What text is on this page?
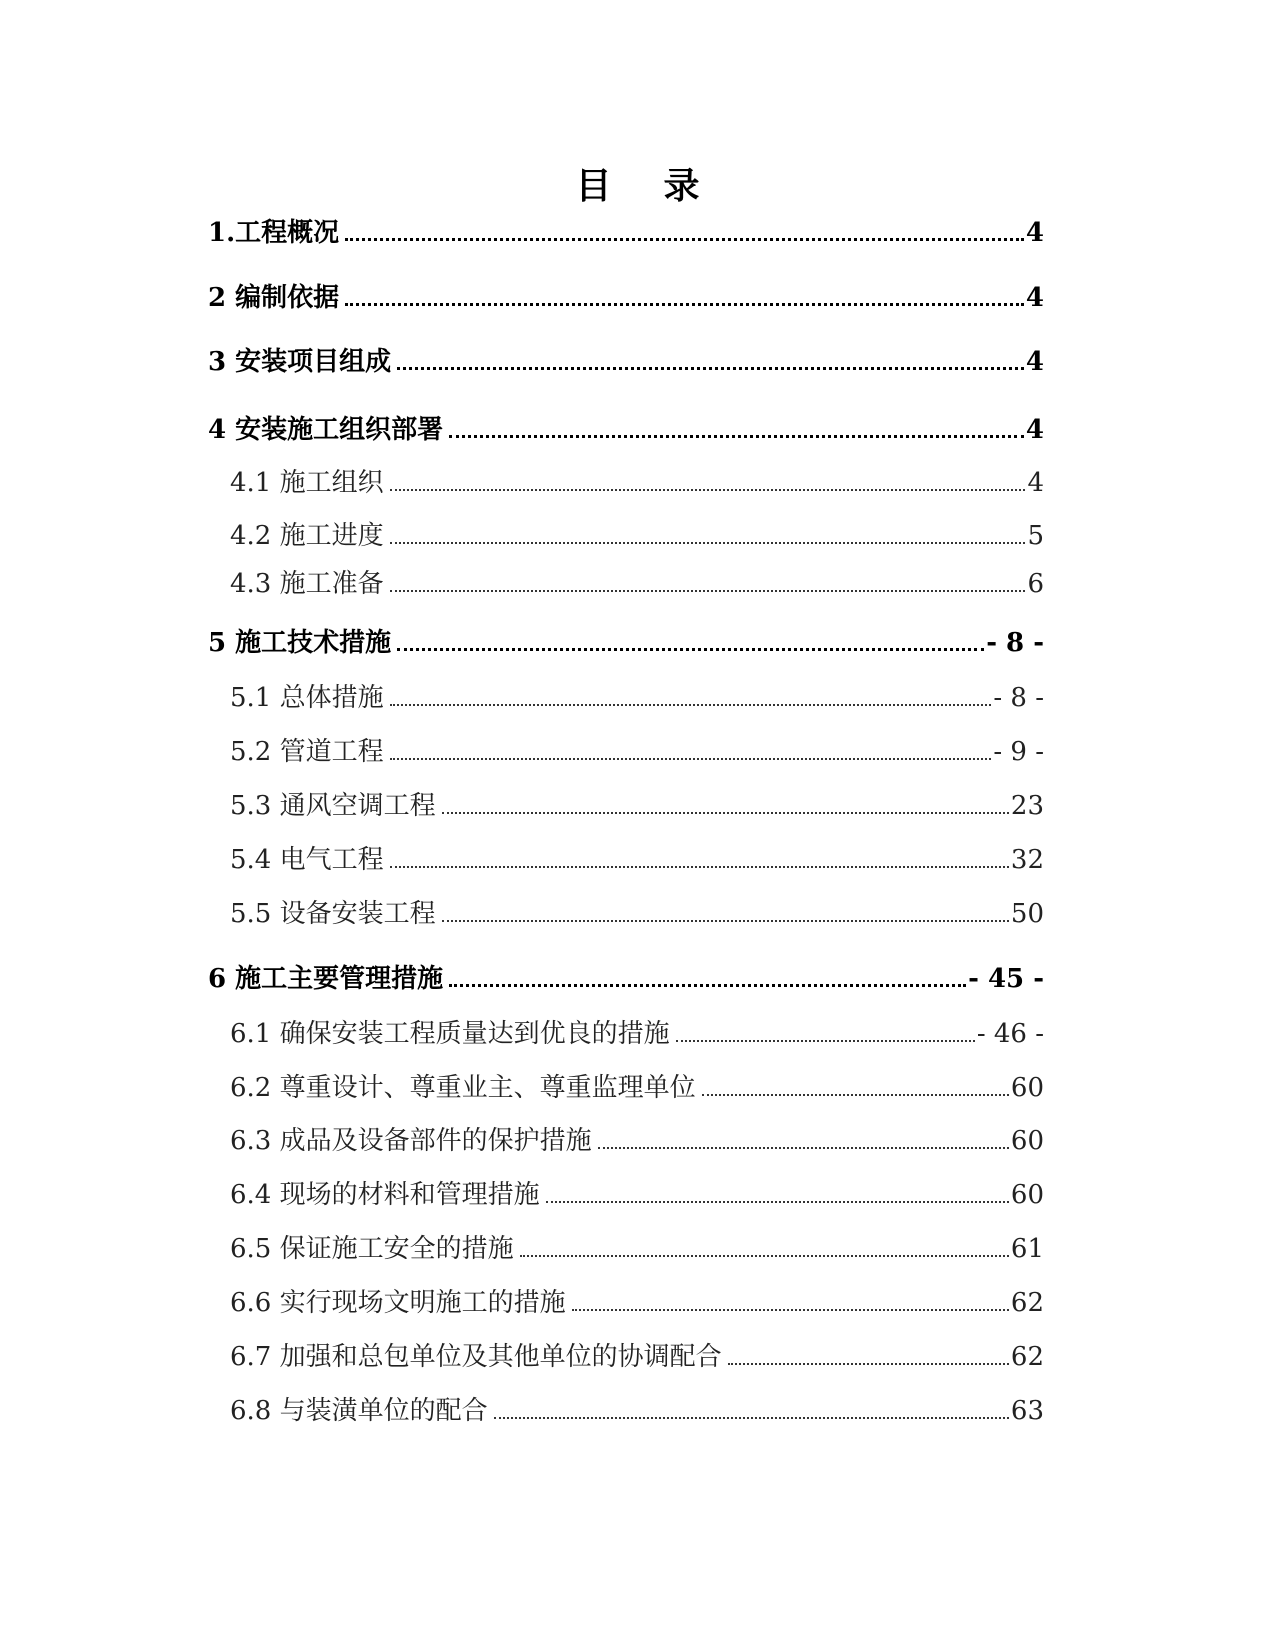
目 录
1.工程概况	4
2 编制依据	4
3 安装项目组成	4
4 安装施工组织部署	4
4.1 施工组织	4
4.2 施工进度	5
4.3 施工准备	6
5 施工技术措施	- 8 -
5.1 总体措施	- 8 -
5.2 管道工程	- 9 -
5.3 通风空调工程	23
5.4 电气工程	32
5.5 设备安装工程	50
6 施工主要管理措施	- 45 -
6.1 确保安装工程质量达到优良的措施	- 46 -
6.2 尊重设计、尊重业主、尊重监理单位	60
6.3 成品及设备部件的保护措施	60
6.4 现场的材料和管理措施	60
6.5 保证施工安全的措施	61
6.6 实行现场文明施工的措施	62
6.7 加强和总包单位及其他单位的协调配合	62
6.8 与装潢单位的配合	63
